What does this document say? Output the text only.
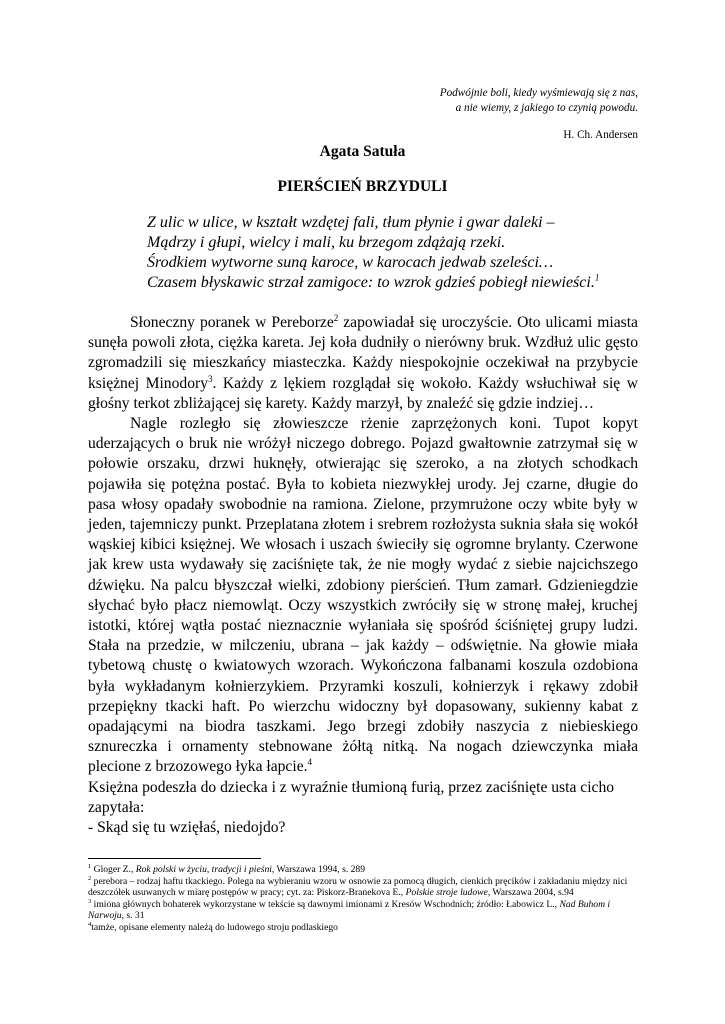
Podwójnie boli, kiedy wyśmiewają się z nas,
a nie wiemy, z jakiego to czynią powodu.
H. Ch. Andersen
Agata Satuła
PIERŚCIEŃ BRZYDULI
Z ulic w ulice, w kształt wzdętej fali, tłum płynie i gwar daleki –
Mądrzy i głupi, wielcy i mali, ku brzegom zdążają rzeki.
Środkiem wytworne suną karoce, w karocach jedwab szeleści…
Czasem błyskawic strzał zamigoce: to wzrok gdzieś pobiegł niewieści.$^1$

Słoneczny poranek w Pereborze$^2$ zapowiadał się uroczyście. Oto ulicami miasta sunęła powoli złota, ciężka kareta. Jej koła dudniły o nierówny bruk. Wzdłuż ulic gęsto zgromadzili się mieszkańcy miasteczka. Każdy niespokojnie oczekiwał na przybycie księżnej Minodory$^3$. Każdy z lękiem rozglądał się wokoło. Każdy wsłuchiwał się w głośny terkot zbliżającej się karety. Każdy marzył, by znaleźć się gdzie indziej…

Nagle rozległo się złowieszcze rżenie zaprzężonych koni. Tupot kopyt uderzających o bruk nie wróżył niczego dobrego. Pojazd gwałtownie zatrzymał się w połowie orszaku, drzwi huknęły, otwierając się szeroko, a na złotych schodkach pojawiła się potężna postać. Była to kobieta niezwykłej urody. Jej czarne, długie do pasa włosy opadały swobodnie na ramiona. Zielone, przymrużone oczy wbite były w jeden, tajemniczy punkt. Przeplatana złotem i srebrem rozłożysta suknia słała się wokół wąskiej kibici księżnej. We włosach i uszach świeciły się ogromne brylanty. Czerwone jak krew usta wydawały się zaciśnięte tak, że nie mogły wydać z siebie najcichszego dźwięku. Na palcu błyszczał wielki, zdobiony pierścień. Tłum zamarł. Gdzieniegdzie słychać było płacz niemowląt. Oczy wszystkich zwróciły się w stronę małej, kruchej istotki, której wątła postać nieznacznie wyłaniała się spośród ściśniętej grupy ludzi. Stała na przedzie, w milczeniu, ubrana – jak każdy – odświętnie. Na głowie miała tybetową chustę o kwiatowych wzorach. Wykończona falbanami koszula ozdobiona była wykładanym kołnierzykiem. Przyramki koszuli, kołnierzyk i rękawy zdobił przepiękny tkacki haft. Po wierzchu widoczny był dopasowany, sukienny kabat z opadającymi na biodra taszkami. Jego brzegi zdobiły naszycia z niebieskiego sznureczka i ornamenty stebnowane żółtą nitką. Na nogach dziewczynka miała plecione z brzozowego łyka łapcie.$^4$

Księżna podeszła do dziecka i z wyraźnie tłumioną furią, przez zaciśnięte usta cicho zapytała:

- Skąd się tu wzięłaś, niedojdo?

$^1$ Gloger Z., Rok polski w życiu, tradycji i pieśni, Warszawa 1994, s. 289

$^2$ perebora – rodzaj haftu tkackiego. Polega na wybieraniu wzoru w osnowie za pomocą długich, cienkich pręcików i zakładaniu między nici deszczółek usuwanych w miarę postępów w pracy; cyt. za: Piskorz-Branekova E., Polskie stroje ludowe, Warszawa 2004, s.94

$^3$ imiona głównych bohaterek wykorzystane w tekście są dawnymi imionami z Kresów Wschodnich; źródło: Łabowicz L., Nad Buhom i Narwoju, s. 31

$^4$tamże, opisane elementy należą do ludowego stroju podlaskiego
